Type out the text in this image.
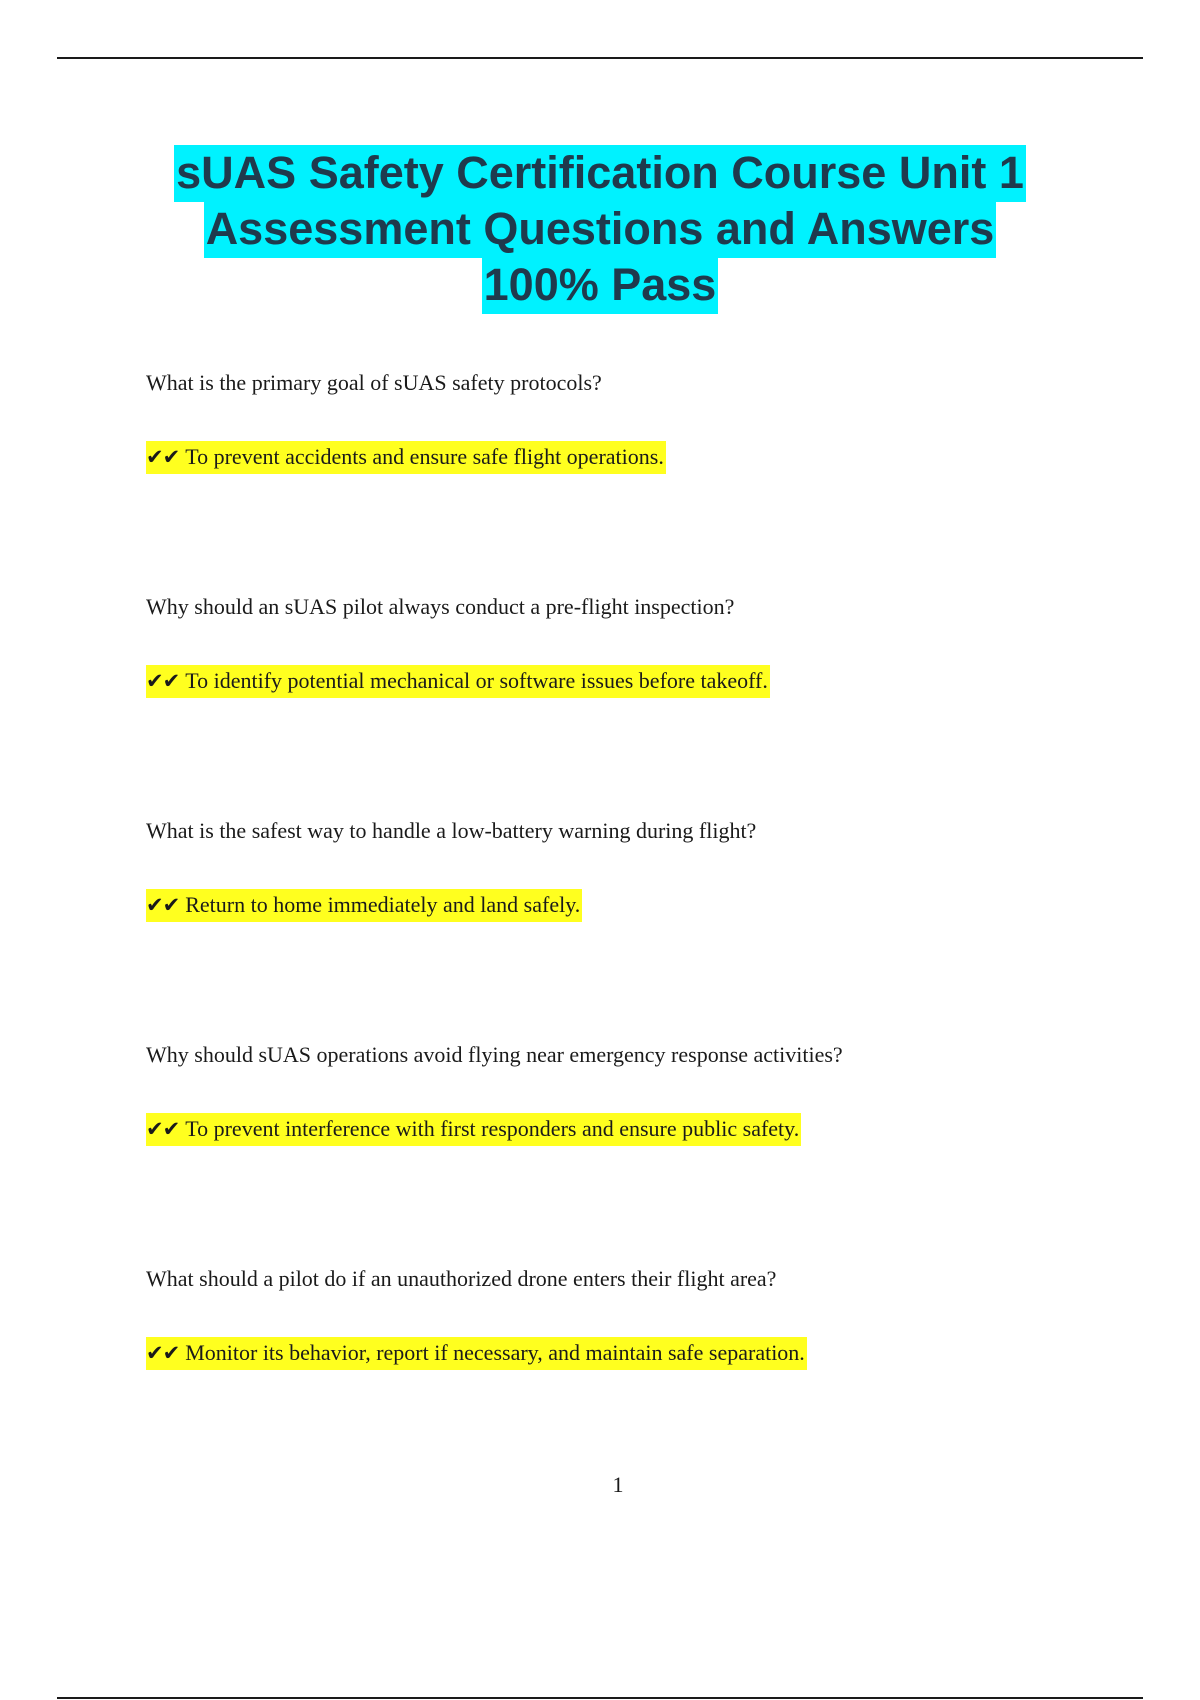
sUAS Safety Certification Course Unit 1
Assessment Questions and Answers
100% Pass

What is the primary goal of sUAS safety protocols?

✔✔ To prevent accidents and ensure safe flight operations.

Why should an sUAS pilot always conduct a pre-flight inspection?

✔✔ To identify potential mechanical or software issues before takeoff.

What is the safest way to handle a low-battery warning during flight?

✔✔ Return to home immediately and land safely.

Why should sUAS operations avoid flying near emergency response activities?

✔✔ To prevent interference with first responders and ensure public safety.

What should a pilot do if an unauthorized drone enters their flight area?

✔✔ Monitor its behavior, report if necessary, and maintain safe separation.
1
